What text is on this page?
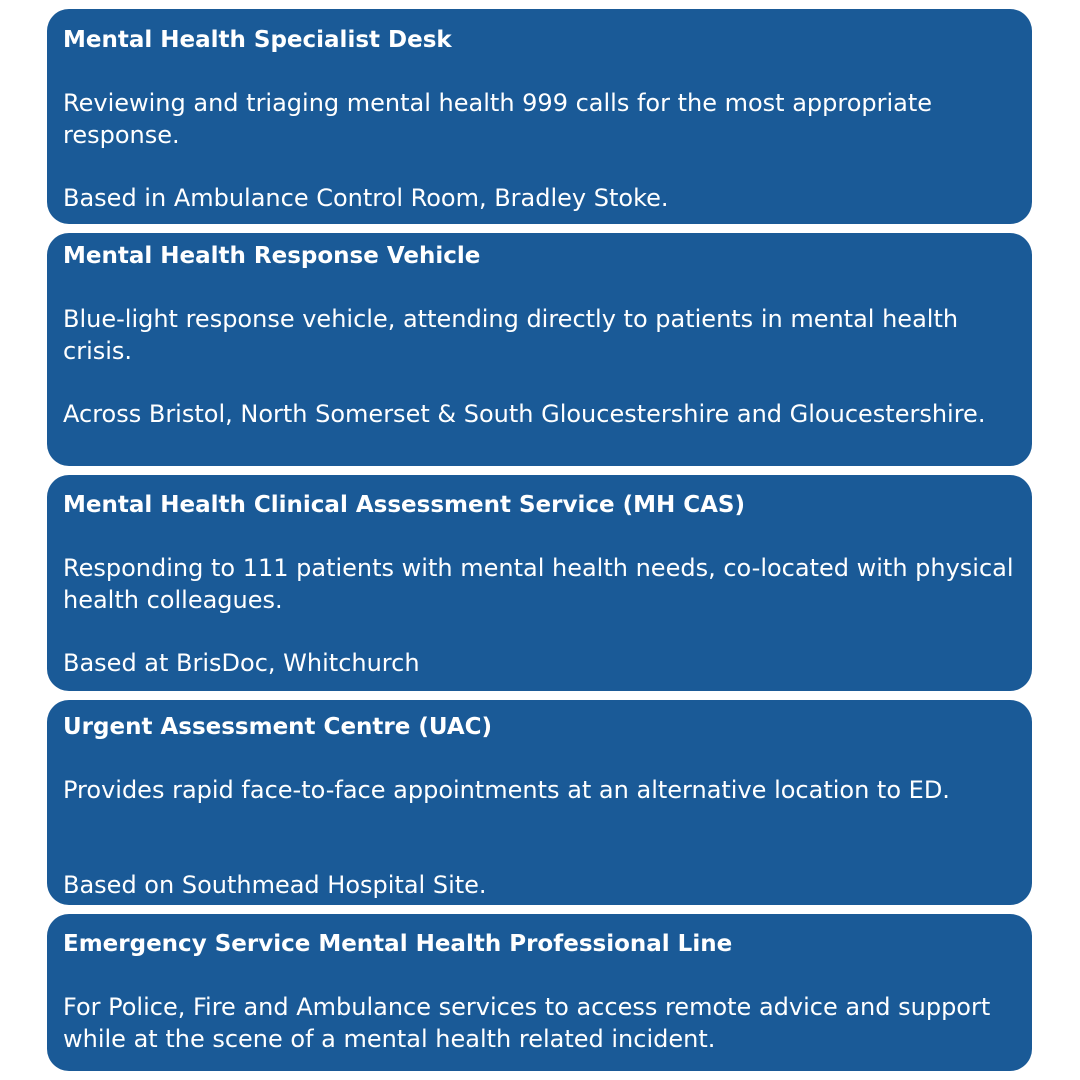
Mental Health Specialist Desk
Reviewing and triaging mental health 999 calls for the most appropriate response.
Based in Ambulance Control Room, Bradley Stoke.
Mental Health Response Vehicle
Blue-light response vehicle, attending directly to patients in mental health crisis.
Across Bristol, North Somerset & South Gloucestershire and Gloucestershire.
Mental Health Clinical Assessment Service (MH CAS)
Responding to 111 patients with mental health needs, co-located with physical health colleagues.
Based at BrisDoc, Whitchurch
Urgent Assessment Centre (UAC)
Provides rapid face-to-face appointments at an alternative location to ED.
Based on Southmead Hospital Site.
Emergency Service Mental Health Professional Line
For Police, Fire and Ambulance services to access remote advice and support while at the scene of a mental health related incident.
